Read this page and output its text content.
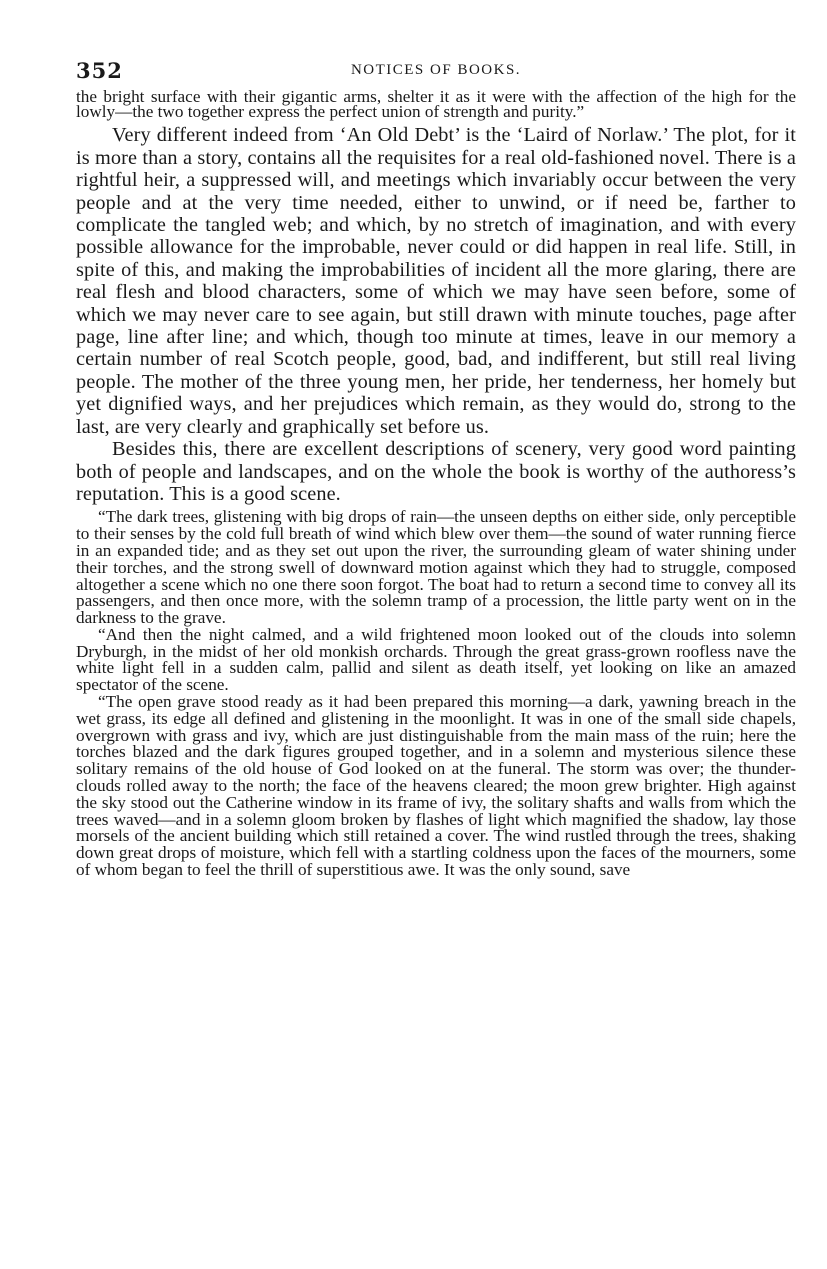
352	NOTICES OF BOOKS.

the bright surface with their gigantic arms, shelter it as it were with the affection of the high for the lowly—the two together express the perfect union of strength and purity.”

Very different indeed from ‘An Old Debt’ is the ‘Laird of Norlaw.’ The plot, for it is more than a story, contains all the requisites for a real old-fashioned novel. There is a rightful heir, a suppressed will, and meetings which invariably occur between the very people and at the very time needed, either to unwind, or if need be, farther to complicate the tangled web; and which, by no stretch of imagination, and with every possible allowance for the improbable, never could or did happen in real life. Still, in spite of this, and making the improbabilities of incident all the more glaring, there are real flesh and blood characters, some of which we may have seen before, some of which we may never care to see again, but still drawn with minute touches, page after page, line after line; and which, though too minute at times, leave in our memory a certain number of real Scotch people, good, bad, and indifferent, but still real living people. The mother of the three young men, her pride, her tenderness, her homely but yet dignified ways, and her prejudices which remain, as they would do, strong to the last, are very clearly and graphically set before us.

Besides this, there are excellent descriptions of scenery, very good word painting both of people and landscapes, and on the whole the book is worthy of the authoress’s reputation. This is a good scene.

“The dark trees, glistening with big drops of rain—the unseen depths on either side, only perceptible to their senses by the cold full breath of wind which blew over them—the sound of water running fierce in an expanded tide; and as they set out upon the river, the surrounding gleam of water shining under their torches, and the strong swell of downward motion against which they had to struggle, composed altogether a scene which no one there soon forgot. The boat had to return a second time to convey all its passengers, and then once more, with the solemn tramp of a procession, the little party went on in the darkness to the grave.

“And then the night calmed, and a wild frightened moon looked out of the clouds into solemn Dryburgh, in the midst of her old monkish orchards. Through the great grass-grown roofless nave the white light fell in a sudden calm, pallid and silent as death itself, yet looking on like an amazed spectator of the scene.

“The open grave stood ready as it had been prepared this morning—a dark, yawning breach in the wet grass, its edge all defined and glistening in the moonlight. It was in one of the small side chapels, overgrown with grass and ivy, which are just distinguishable from the main mass of the ruin; here the torches blazed and the dark figures grouped together, and in a solemn and mysterious silence these solitary remains of the old house of God looked on at the funeral. The storm was over; the thunder-clouds rolled away to the north; the face of the heavens cleared; the moon grew brighter. High against the sky stood out the Catherine window in its frame of ivy, the solitary shafts and walls from which the trees waved—and in a solemn gloom broken by flashes of light which magnified the shadow, lay those morsels of the ancient building which still retained a cover. The wind rustled through the trees, shaking down great drops of moisture, which fell with a startling coldness upon the faces of the mourners, some of whom began to feel the thrill of superstitious awe. It was the only sound, save
